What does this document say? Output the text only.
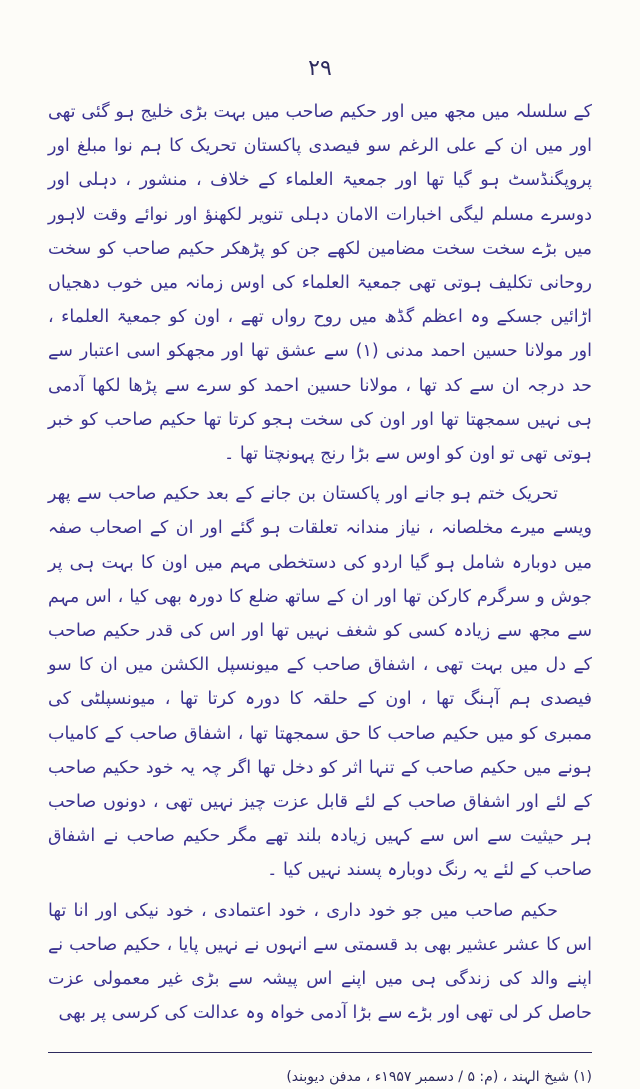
۲۹

کے سلسلہ میں مجھ میں اور حکیم صاحب میں بہت بڑی خلیج ہو گئی تھی اور میں ان کے علی الرغم سو فیصدی پاکستان تحریک کا ہم نوا مبلغ اور پروپگنڈسٹ ہو گیا تھا اور جمعیۃ العلماء کے خلاف ، منشور ، دہلی اور دوسرے مسلم لیگی اخبارات الامان دہلی تنویر لکھنؤ اور نوائے وقت لاہور میں بڑے سخت سخت مضامین لکھے جن کو پڑھکر حکیم صاحب کو سخت روحانی تکلیف ہوتی تھی جمعیۃ العلماء کی اوس زمانہ میں خوب دھجیاں اڑائیں جسکے وہ اعظم گڈھ میں روح رواں تھے ، اون کو جمعیۃ العلماء ، اور مولانا حسین احمد مدنی (۱) سے عشق تھا اور مجھکو اسی اعتبار سے حد درجہ ان سے کد تھا ، مولانا حسین احمد کو سرے سے پڑھا لکھا آدمی ہی نہیں سمجھتا تھا اور اون کی سخت ہجو کرتا تھا حکیم صاحب کو خبر ہوتی تھی تو اون کو اوس سے بڑا رنج پہونچتا تھا ۔

تحریک ختم ہو جانے اور پاکستان بن جانے کے بعد حکیم صاحب سے پھر ویسے میرے مخلصانہ ، نیاز مندانہ تعلقات ہو گئے اور ان کے اصحاب صفہ میں دوبارہ شامل ہو گیا اردو کی دستخطی مہم میں اون کا بہت ہی پر جوش و سرگرم کارکن تھا اور ان کے ساتھ ضلع کا دورہ بھی کیا ، اس مہم سے مجھ سے زیادہ کسی کو شغف نہیں تھا اور اس کی قدر حکیم صاحب کے دل میں بہت تھی ، اشفاق صاحب کے میونسپل الکشن میں ان کا سو فیصدی ہم آہنگ تھا ، اون کے حلقہ کا دورہ کرتا تھا ، میونسپلٹی کی ممبری کو میں حکیم صاحب کا حق سمجھتا تھا ، اشفاق صاحب کے کامیاب ہونے میں حکیم صاحب کے تنہا اثر کو دخل تھا اگر چہ یہ خود حکیم صاحب کے لئے اور اشفاق صاحب کے لئے قابل عزت چیز نہیں تھی ، دونوں صاحب ہر حیثیت سے اس سے کہیں زیادہ بلند تھے مگر حکیم صاحب نے اشفاق صاحب کے لئے یہ رنگ دوبارہ پسند نہیں کیا ۔

حکیم صاحب میں جو خود داری ، خود اعتمادی ، خود نیکی اور انا تھا اس کا عشر عشیر بھی بد قسمتی سے انہوں نے نہیں پایا ، حکیم صاحب نے اپنے والد کی زندگی ہی میں اپنے اس پیشہ سے بڑی غیر معمولی عزت حاصل کر لی تھی اور بڑے سے بڑا آدمی خواہ وہ عدالت کی کرسی پر بھی

(۱) شیخ الہند ، (م: ۵ / دسمبر ۱۹۵۷ء ، مدفن دیوبند)
